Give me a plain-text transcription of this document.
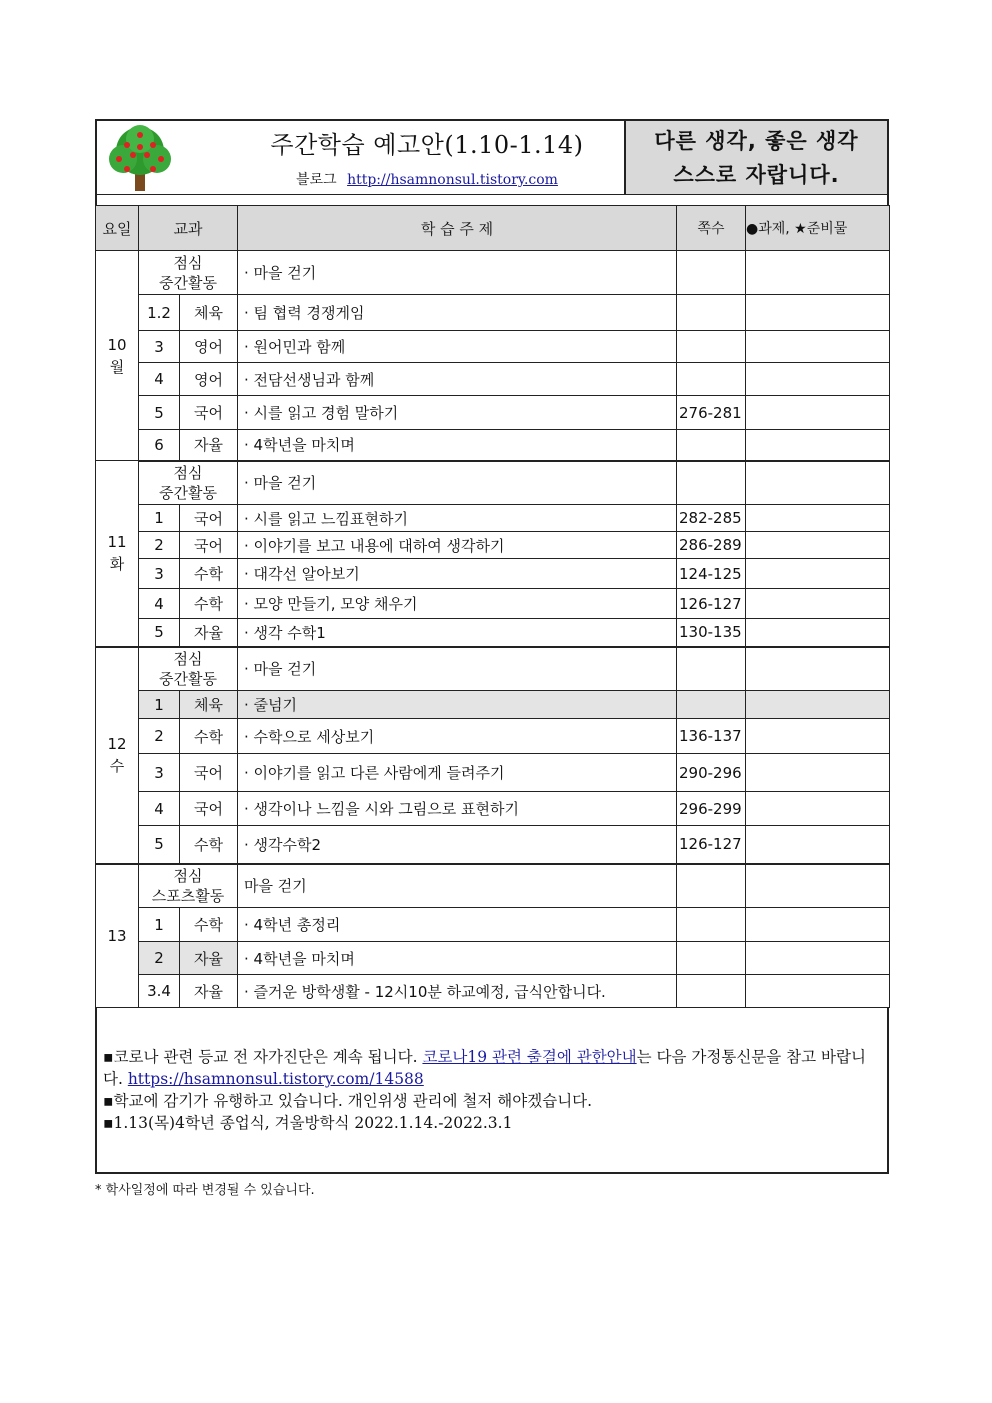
주간학습 예고안(1.10-1.14)
블로그 http://hsamnonsul.tistory.com
다른 생각, 좋은 생각
스스로 자랍니다.
요일	교과		학 습 주 제	쪽수	●과제, ★준비물
10
월	점심
중간활동		· 마을 걷기		
	1.2	체육	· 팀 협력 경쟁게임		
	3	영어	· 원어민과 함께		
	4	영어	· 전담선생님과 함께		
	5	국어	· 시를 읽고 경험 말하기	276-281	
	6	자율	· 4학년을 마치며		
11
화	점심
중간활동		· 마을 걷기		
	1	국어	· 시를 읽고 느낌표현하기	282-285	
	2	국어	· 이야기를 보고 내용에 대하여 생각하기	286-289	
	3	수학	· 대각선 알아보기	124-125	
	4	수학	· 모양 만들기, 모양 채우기	126-127	
	5	자율	· 생각 수학1	130-135	
12
수	점심
중간활동		· 마을 걷기		
	1	체육	· 줄넘기		
	2	수학	· 수학으로 세상보기	136-137	
	3	국어	· 이야기를 읽고 다른 사람에게 들려주기	290-296	
	4	국어	· 생각이나 느낌을 시와 그림으로 표현하기	296-299	
	5	수학	· 생각수학2	126-127	
13	점심
스포츠활동		마을 걷기		
	1	수학	· 4학년 총정리		
	2	자율	· 4학년을 마치며		
	3.4	자율	· 즐거운 방학생활 - 12시10분 하교예정, 급식안합니다.		
▪코로나 관련 등교 전 자가진단은 계속 됩니다. 코로나19 관련 출결에 관한안내는 다음 가정통신문을 참고 바랍니다. https://hsamnonsul.tistory.com/14588
▪학교에 감기가 유행하고 있습니다. 개인위생 관리에 철저 해야겠습니다.
▪1.13(목)4학년 종업식, 겨울방학식 2022.1.14.-2022.3.1
* 학사일정에 따라 변경될 수 있습니다.
